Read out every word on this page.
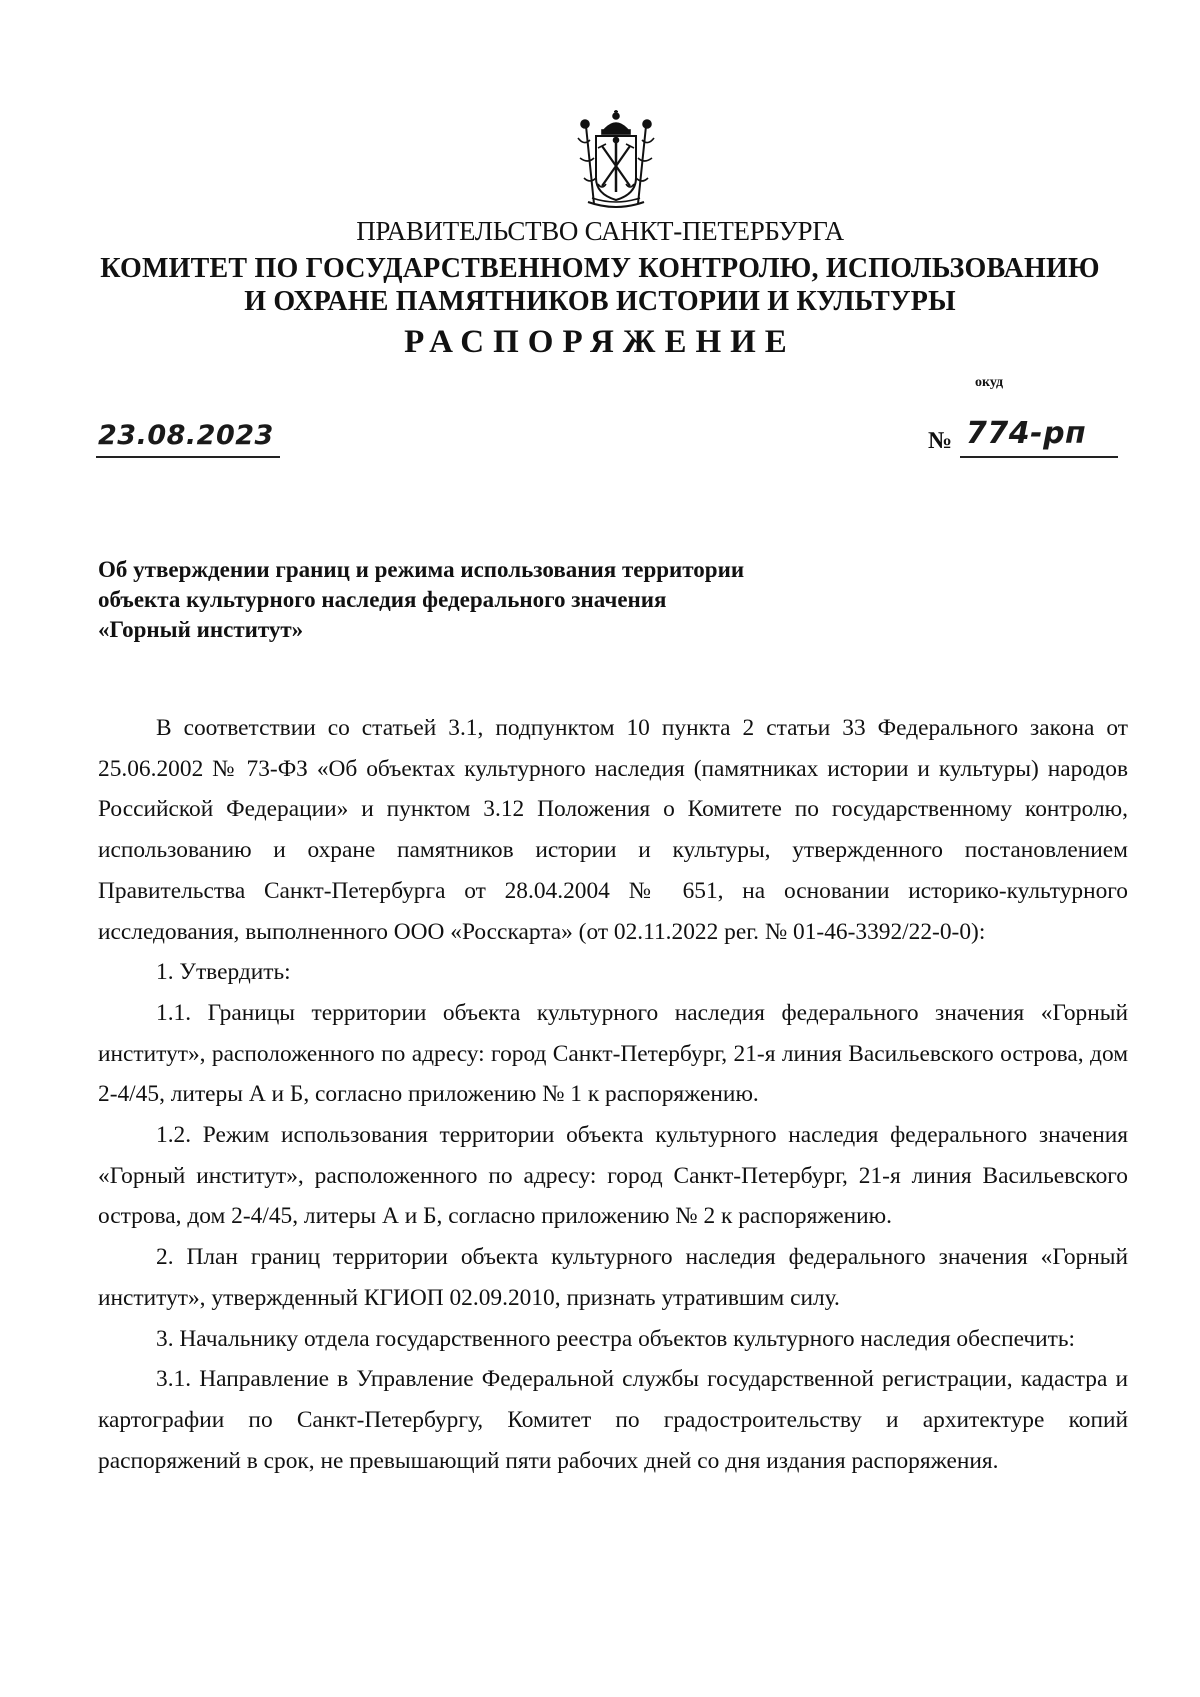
ПРАВИТЕЛЬСТВО САНКТ-ПЕТЕРБУРГА
КОМИТЕТ ПО ГОСУДАРСТВЕННОМУ КОНТРОЛЮ, ИСПОЛЬЗОВАНИЮ
И ОХРАНЕ ПАМЯТНИКОВ ИСТОРИИ И КУЛЬТУРЫ
РАСПОРЯЖЕНИЕ
окуд
23.08.2023	№ 774-рп
Об утверждении границ и режима использования территории
объекта культурного наследия федерального значения
«Горный институт»

В соответствии со статьей 3.1, подпунктом 10 пункта 2 статьи 33 Федерального закона от 25.06.2002 № 73-ФЗ «Об объектах культурного наследия (памятниках истории и культуры) народов Российской Федерации» и пунктом 3.12 Положения о Комитете по государственному контролю, использованию и охране памятников истории и культуры, утвержденного постановлением Правительства Санкт-Петербурга от 28.04.2004 № 651, на основании историко-культурного исследования, выполненного ООО «Росскарта» (от 02.11.2022 рег. № 01-46-3392/22-0-0):

1. Утвердить:

1.1. Границы территории объекта культурного наследия федерального значения «Горный институт», расположенного по адресу: город Санкт-Петербург, 21-я линия Васильевского острова, дом 2-4/45, литеры А и Б, согласно приложению № 1 к распоряжению.

1.2. Режим использования территории объекта культурного наследия федерального значения «Горный институт», расположенного по адресу: город Санкт-Петербург, 21-я линия Васильевского острова, дом 2-4/45, литеры А и Б, согласно приложению № 2 к распоряжению.

2. План границ территории объекта культурного наследия федерального значения «Горный институт», утвержденный КГИОП 02.09.2010, признать утратившим силу.

3. Начальнику отдела государственного реестра объектов культурного наследия обеспечить:

3.1. Направление в Управление Федеральной службы государственной регистрации, кадастра и картографии по Санкт-Петербургу, Комитет по градостроительству и архитектуре копий распоряжений в срок, не превышающий пяти рабочих дней со дня издания распоряжения.
